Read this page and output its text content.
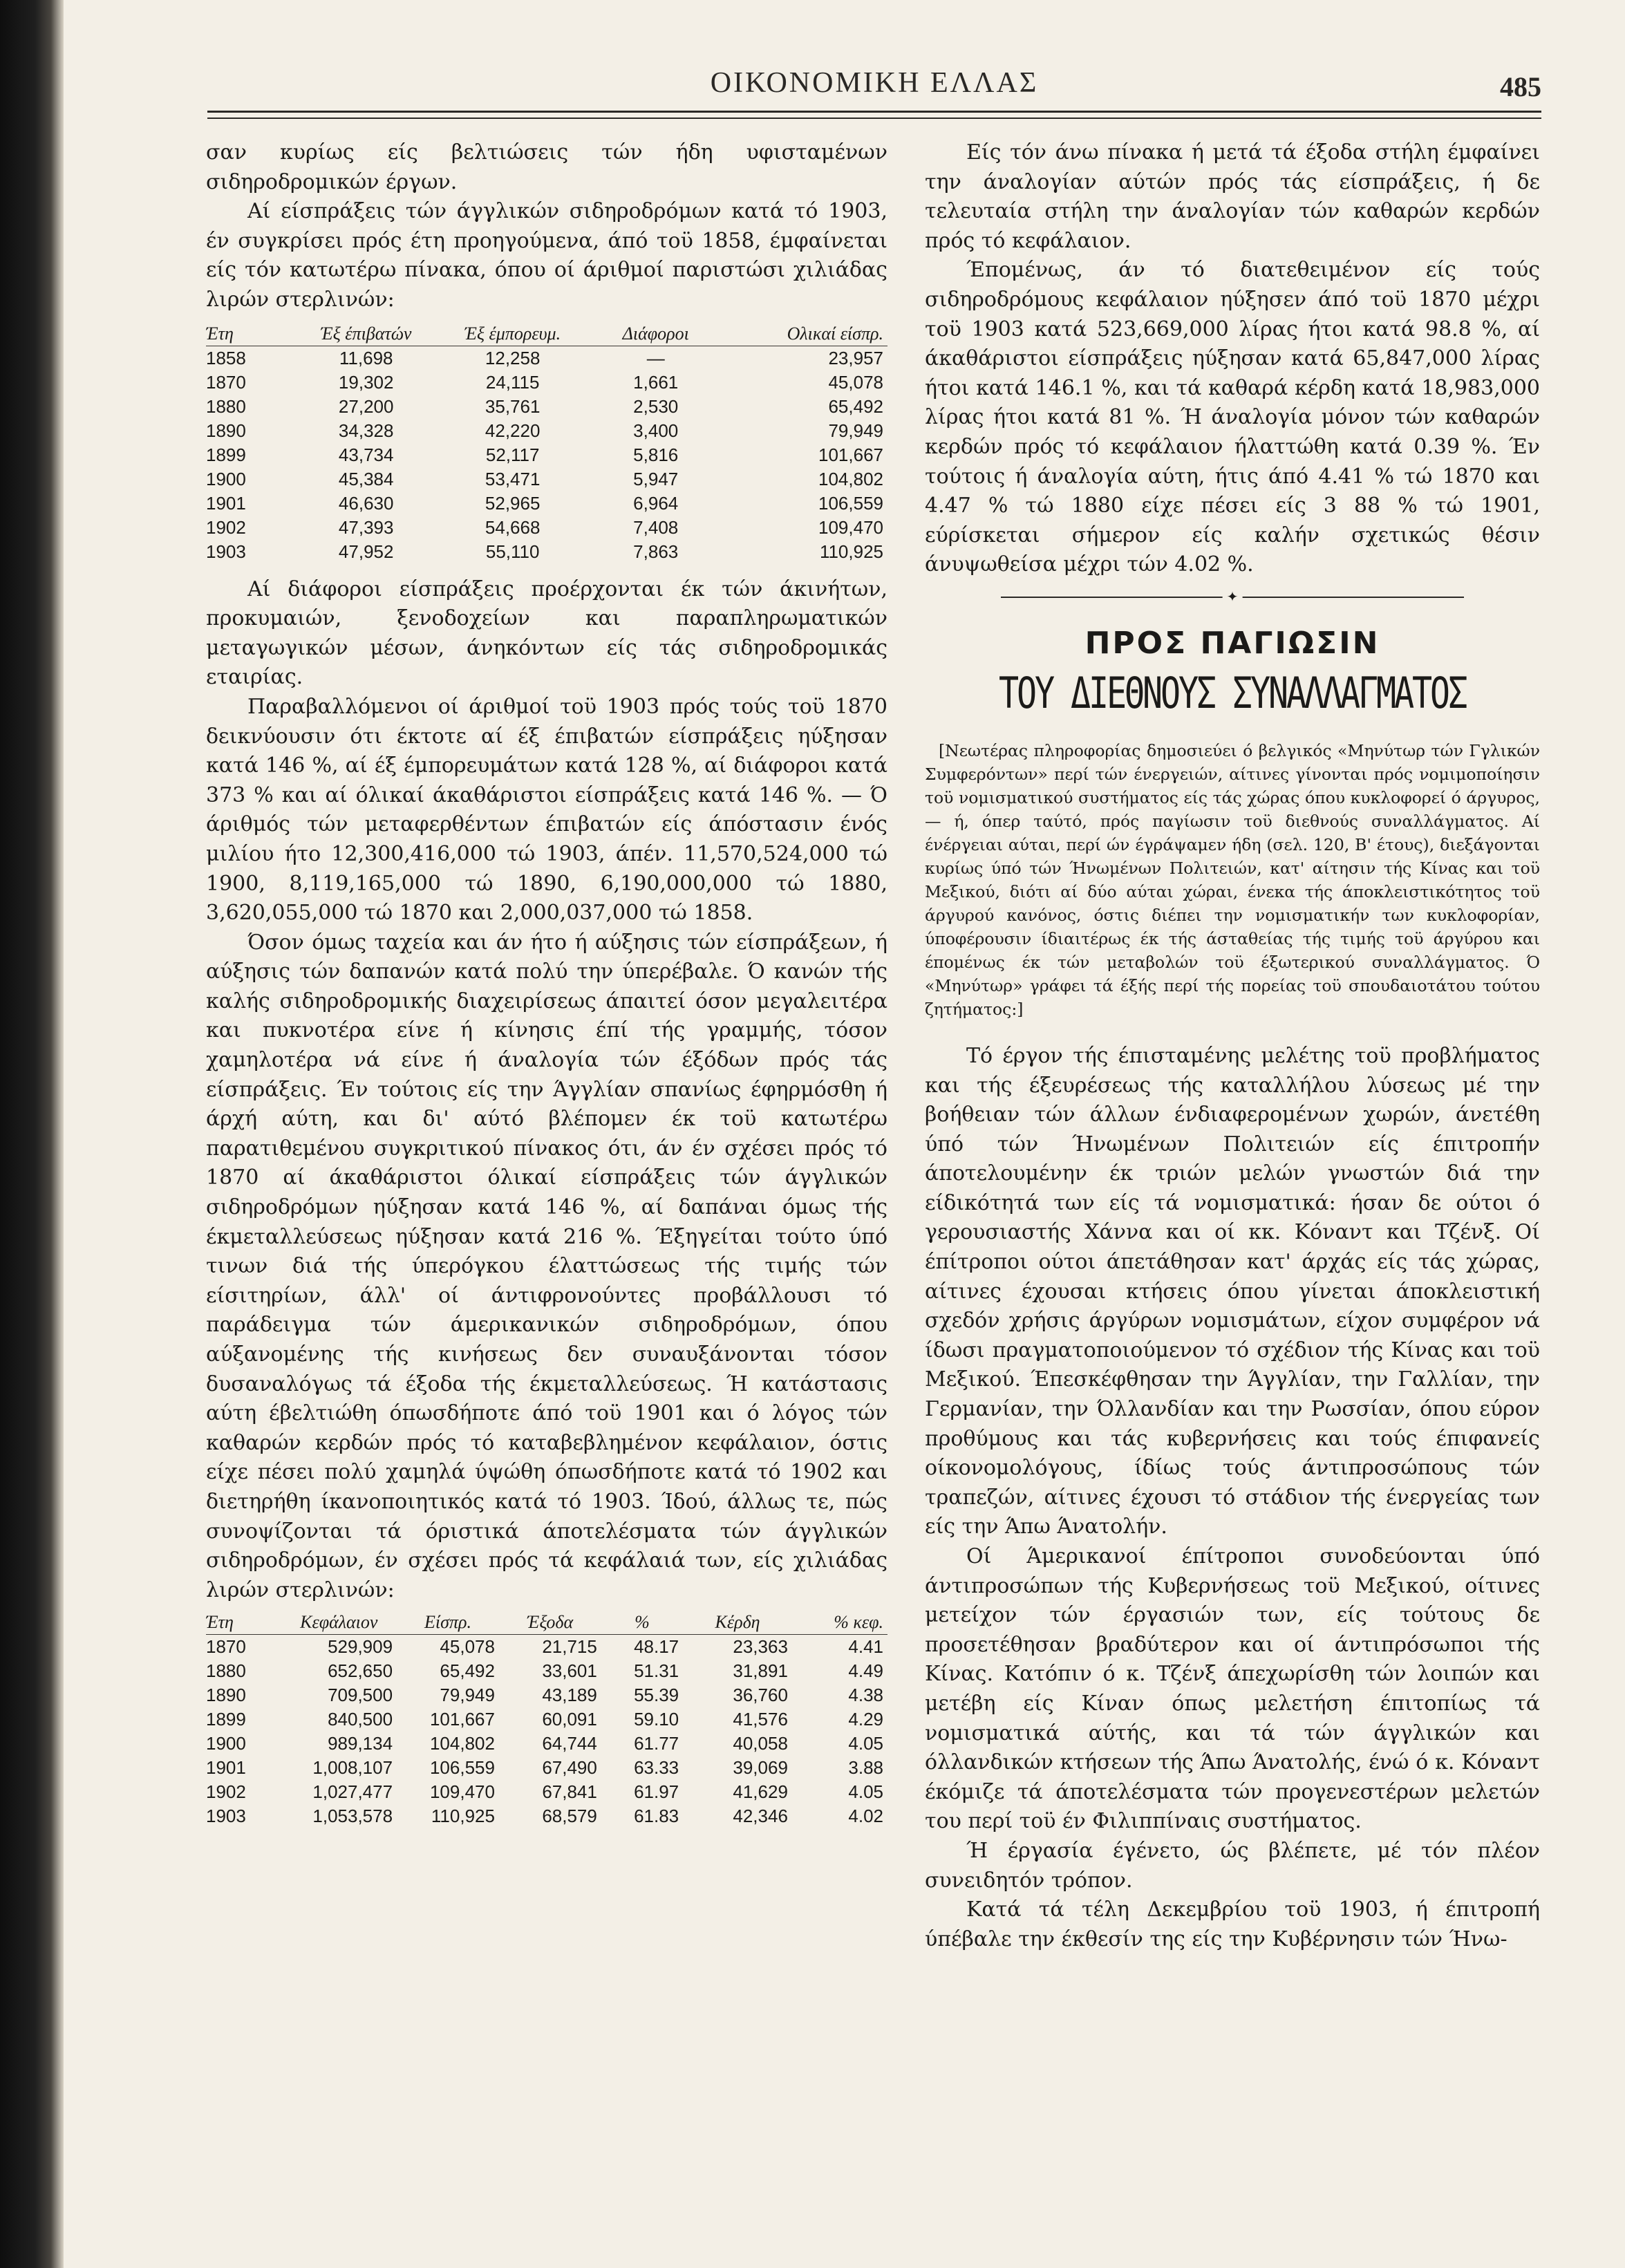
ΟΙΚΟΝΟΜΙΚΗ ΕΛΛΑΣ	485

σαν κυρίως είς βελτιώσεις τών ήδη υφισταμένων σιδηροδρομικών έργων.

Αί είσπράξεις τών άγγλικών σιδηροδρόμων κατά τό 1903, έν συγκρίσει πρός έτη προηγούμενα, άπό τοϋ 1858, έμφαίνεται είς τόν κατωτέρω πίνακα, όπου οί άριθμοί παριστώσι χιλιάδας λιρών στερλινών:

Έτη	Έξ έπιβατών	Έξ έμπορευμ.	Διάφοροι	Ολικαί είσπρ.
1858	11,698	12,258	—	23,957
1870	19,302	24,115	1,661	45,078
1880	27,200	35,761	2,530	65,492
1890	34,328	42,220	3,400	79,949
1899	43,734	52,117	5,816	101,667
1900	45,384	53,471	5,947	104,802
1901	46,630	52,965	6,964	106,559
1902	47,393	54,668	7,408	109,470
1903	47,952	55,110	7,863	110,925

Αί διάφοροι είσπράξεις προέρχονται έκ τών άκινήτων, προκυμαιών, ξενοδοχείων και παραπληρωματικών μεταγωγικών μέσων, άνηκόντων είς τάς σιδηροδρομικάς εταιρίας.

Παραβαλλόμενοι οί άριθμοί τοϋ 1903 πρός τούς τοϋ 1870 δεικνύουσιν ότι έκτοτε αί έξ έπιβατών είσπράξεις ηύξησαν κατά 146 %, αί έξ έμπορευμάτων κατά 128 %, αί διάφοροι κατά 373 % και αί όλικαί άκαθάριστοι είσπράξεις κατά 146 %. — Ό άριθμός τών μεταφερθέντων έπιβατών είς άπόστασιν ένός μιλίου ήτο 12,300,416,000 τώ 1903, άπέν. 11,570,524,000 τώ 1900, 8,119,165,000 τώ 1890, 6,190,000,000 τώ 1880, 3,620,055,000 τώ 1870 και 2,000,037,000 τώ 1858.

Όσον όμως ταχεία και άν ήτο ή αύξησις τών είσπράξεων, ή αύξησις τών δαπανών κατά πολύ την ύπερέβαλε. Ό κανών τής καλής σιδηροδρομικής διαχειρίσεως άπαιτεί όσον μεγαλειτέρα και πυκνοτέρα είνε ή κίνησις έπί τής γραμμής, τόσον χαμηλοτέρα νά είνε ή άναλογία τών έξόδων πρός τάς είσπράξεις. Έν τούτοις είς την Άγγλίαν σπανίως έφηρμόσθη ή άρχή αύτη, και δι' αύτό βλέπομεν έκ τοϋ κατωτέρω παρατιθεμένου συγκριτικού πίνακος ότι, άν έν σχέσει πρός τό 1870 αί άκαθάριστοι όλικαί είσπράξεις τών άγγλικών σιδηροδρόμων ηύξησαν κατά 146 %, αί δαπάναι όμως τής έκμεταλλεύσεως ηύξησαν κατά 216 %. Έξηγείται τούτο ύπό τινων διά τής ύπερόγκου έλαττώσεως τής τιμής τών είσιτηρίων, άλλ' οί άντιφρονούντες προβάλλουσι τό παράδειγμα τών άμερικανικών σιδηροδρόμων, όπου αύξανομένης τής κινήσεως δεν συναυξάνονται τόσον δυσαναλόγως τά έξοδα τής έκμεταλλεύσεως. Ή κατάστασις αύτη έβελτιώθη όπωσδήποτε άπό τοϋ 1901 και ό λόγος τών καθαρών κερδών πρός τό καταβεβλημένον κεφάλαιον, όστις είχε πέσει πολύ χαμηλά ύψώθη όπωσδήποτε κατά τό 1902 και διετηρήθη ίκανοποιητικός κατά τό 1903. Ίδού, άλλως τε, πώς συνοψίζονται τά όριστικά άποτελέσματα τών άγγλικών σιδηροδρόμων, έν σχέσει πρός τά κεφάλαιά των, είς χιλιάδας λιρών στερλινών:

Έτη	Κεφάλαιον	Είσπρ.	Έξοδα	%	Κέρδη	% κεφ.
1870	529,909	45,078	21,715	48.17	23,363	4.41
1880	652,650	65,492	33,601	51.31	31,891	4.49
1890	709,500	79,949	43,189	55.39	36,760	4.38
1899	840,500	101,667	60,091	59.10	41,576	4.29
1900	989,134	104,802	64,744	61.77	40,058	4.05
1901	1,008,107	106,559	67,490	63.33	39,069	3.88
1902	1,027,477	109,470	67,841	61.97	41,629	4.05
1903	1,053,578	110,925	68,579	61.83	42,346	4.02

Είς τόν άνω πίνακα ή μετά τά έξοδα στήλη έμφαίνει την άναλογίαν αύτών πρός τάς είσπράξεις, ή δε τελευταία στήλη την άναλογίαν τών καθαρών κερδών πρός τό κεφάλαιον.

Έπομένως, άν τό διατεθειμένον είς τούς σιδηροδρόμους κεφάλαιον ηύξησεν άπό τοϋ 1870 μέχρι τοϋ 1903 κατά 523,669,000 λίρας ήτοι κατά 98.8 %, αί άκαθάριστοι είσπράξεις ηύξησαν κατά 65,847,000 λίρας ήτοι κατά 146.1 %, και τά καθαρά κέρδη κατά 18,983,000 λίρας ήτοι κατά 81 %. Ή άναλογία μόνον τών καθαρών κερδών πρός τό κεφάλαιον ήλαττώθη κατά 0.39 %. Έν τούτοις ή άναλογία αύτη, ήτις άπό 4.41 % τώ 1870 και 4.47 % τώ 1880 είχε πέσει είς 3 88 % τώ 1901, εύρίσκεται σήμερον είς καλήν σχετικώς θέσιν άνυψωθείσα μέχρι τών 4.02 %.

✦
ΠΡΟΣ ΠΑΓΙΩΣΙΝ
ΤΟΥ ΔΙΕΘΝΟΥΣ ΣΥΝΑΛΛΑΓΜΑΤΟΣ

[Νεωτέρας πληροφορίας δημοσιεύει ό βελγικός «Μηνύτωρ τών Γγλικών Συμφερόντων» περί τών ένεργειών, αίτινες γίνονται πρός νομιμοποίησιν τοϋ νομισματικού συστήματος είς τάς χώρας όπου κυκλοφορεί ό άργυρος, — ή, όπερ ταύτό, πρός παγίωσιν τοϋ διεθνούς συναλλάγματος. Αί ένέργειαι αύται, περί ών έγράψαμεν ήδη (σελ. 120, Β' έτους), διεξάγονται κυρίως ύπό τών Ήνωμένων Πολιτειών, κατ' αίτησιν τής Κίνας και τοϋ Μεξικού, διότι αί δύο αύται χώραι, ένεκα τής άποκλειστικότητος τοϋ άργυρού κανόνος, όστις διέπει την νομισματικήν των κυκλοφορίαν, ύποφέρουσιν ίδιαιτέρως έκ τής άσταθείας τής τιμής τοϋ άργύρου και έπομένως έκ τών μεταβολών τοϋ έξωτερικού συναλλάγματος. Ό «Μηνύτωρ» γράφει τά έξής περί τής πορείας τοϋ σπουδαιοτάτου τούτου ζητήματος:]

Τό έργον τής έπισταμένης μελέτης τοϋ προβλήματος και τής έξευρέσεως τής καταλλήλου λύσεως μέ την βοήθειαν τών άλλων ένδιαφερομένων χωρών, άνετέθη ύπό τών Ήνωμένων Πολιτειών είς έπιτροπήν άποτελουμένην έκ τριών μελών γνωστών διά την είδικότητά των είς τά νομισματικά: ήσαν δε ούτοι ό γερουσιαστής Χάννα και οί κκ. Κόναντ και Τζένξ. Οί έπίτροποι ούτοι άπετάθησαν κατ' άρχάς είς τάς χώρας, αίτινες έχουσαι κτήσεις όπου γίνεται άποκλειστική σχεδόν χρήσις άργύρων νομισμάτων, είχον συμφέρον νά ίδωσι πραγματοποιούμενον τό σχέδιον τής Κίνας και τοϋ Μεξικού. Έπεσκέφθησαν την Άγγλίαν, την Γαλλίαν, την Γερμανίαν, την Όλλανδίαν και την Ρωσσίαν, όπου εύρον προθύμους και τάς κυβερνήσεις και τούς έπιφανείς οίκονομολόγους, ίδίως τούς άντιπροσώπους τών τραπεζών, αίτινες έχουσι τό στάδιον τής ένεργείας των είς την Άπω Άνατολήν.

Οί Άμερικανοί έπίτροποι συνοδεύονται ύπό άντιπροσώπων τής Κυβερνήσεως τοϋ Μεξικού, οίτινες μετείχον τών έργασιών των, είς τούτους δε προσετέθησαν βραδύτερον και οί άντιπρόσωποι τής Κίνας. Κατόπιν ό κ. Τζένξ άπεχωρίσθη τών λοιπών και μετέβη είς Κίναν όπως μελετήση έπιτοπίως τά νομισματικά αύτής, και τά τών άγγλικών και όλλανδικών κτήσεων τής Άπω Άνατολής, ένώ ό κ. Κόναντ έκόμιζε τά άποτελέσματα τών προγενεστέρων μελετών του περί τοϋ έν Φιλιππίναις συστήματος.

Ή έργασία έγένετο, ώς βλέπετε, μέ τόν πλέον συνειδητόν τρόπον.

Κατά τά τέλη Δεκεμβρίου τοϋ 1903, ή έπιτροπή ύπέβαλε την έκθεσίν της είς την Κυβέρνησιν τών Ήνω-
